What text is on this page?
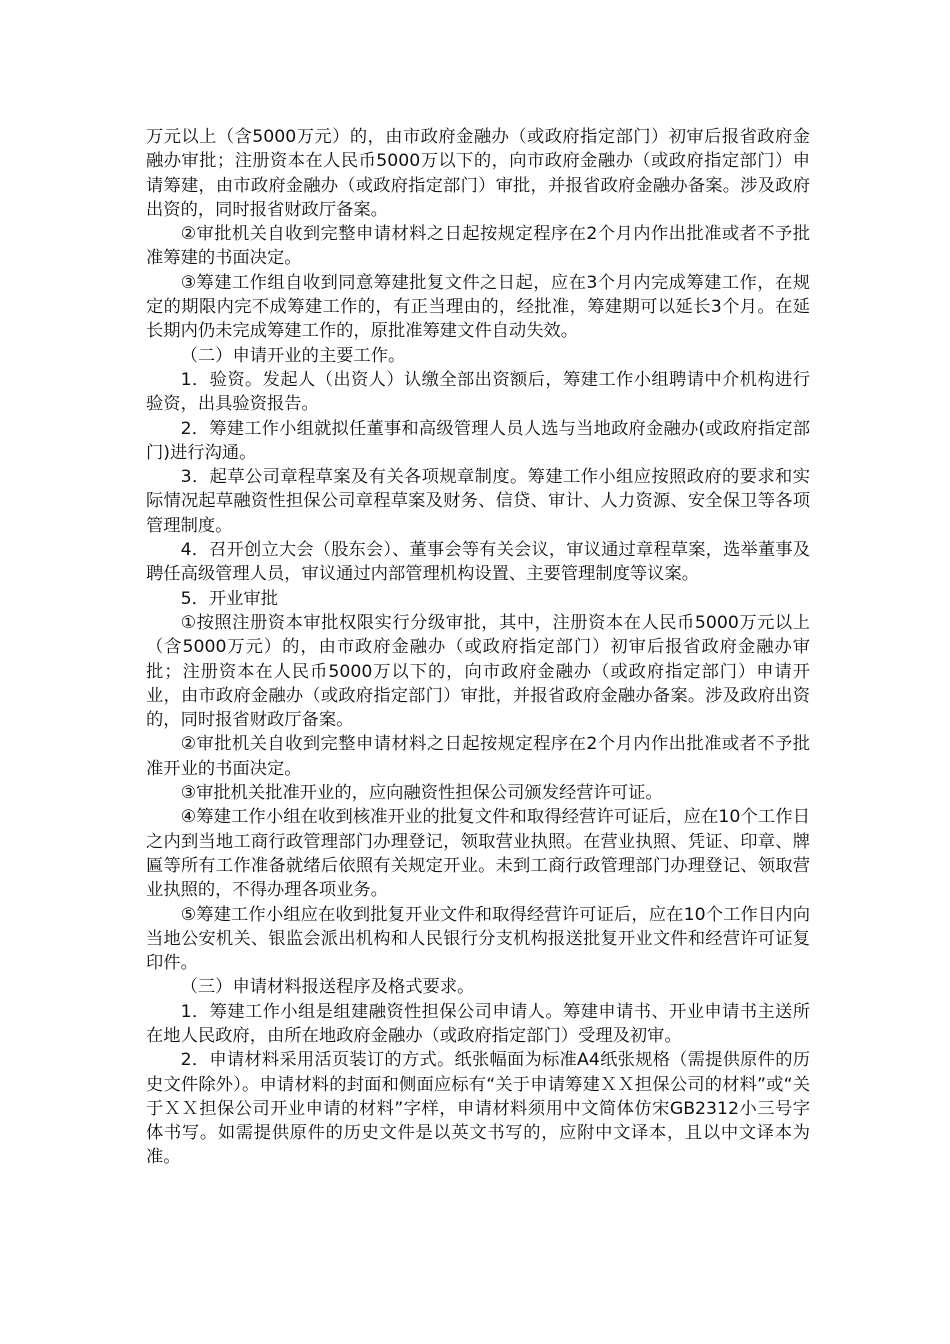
万元以上（含5000万元）的，由市政府金融办（或政府指定部门）初审后报省政府金融办审批；注册资本在人民币5000万以下的，向市政府金融办（或政府指定部门）申请筹建，由市政府金融办（或政府指定部门）审批，并报省政府金融办备案。涉及政府出资的，同时报省财政厅备案。

②审批机关自收到完整申请材料之日起按规定程序在2个月内作出批准或者不予批准筹建的书面决定。

③筹建工作组自收到同意筹建批复文件之日起，应在3个月内完成筹建工作，在规定的期限内完不成筹建工作的，有正当理由的，经批准，筹建期可以延长3个月。在延长期内仍未完成筹建工作的，原批准筹建文件自动失效。

（二）申请开业的主要工作。

1．验资。发起人（出资人）认缴全部出资额后，筹建工作小组聘请中介机构进行验资，出具验资报告。

2．筹建工作小组就拟任董事和高级管理人员人选与当地政府金融办(或政府指定部门)进行沟通。

3．起草公司章程草案及有关各项规章制度。筹建工作小组应按照政府的要求和实际情况起草融资性担保公司章程草案及财务、信贷、审计、人力资源、安全保卫等各项管理制度。

4．召开创立大会（股东会）、董事会等有关会议，审议通过章程草案，选举董事及聘任高级管理人员，审议通过内部管理机构设置、主要管理制度等议案。

5．开业审批

①按照注册资本审批权限实行分级审批，其中，注册资本在人民币5000万元以上（含5000万元）的，由市政府金融办（或政府指定部门）初审后报省政府金融办审批；注册资本在人民币5000万以下的，向市政府金融办（或政府指定部门）申请开业，由市政府金融办（或政府指定部门）审批，并报省政府金融办备案。涉及政府出资的，同时报省财政厅备案。

②审批机关自收到完整申请材料之日起按规定程序在2个月内作出批准或者不予批准开业的书面决定。

③审批机关批准开业的，应向融资性担保公司颁发经营许可证。

④筹建工作小组在收到核准开业的批复文件和取得经营许可证后，应在10个工作日之内到当地工商行政管理部门办理登记，领取营业执照。在营业执照、凭证、印章、牌匾等所有工作准备就绪后依照有关规定开业。未到工商行政管理部门办理登记、领取营业执照的，不得办理各项业务。

⑤筹建工作小组应在收到批复开业文件和取得经营许可证后，应在10个工作日内向当地公安机关、银监会派出机构和人民银行分支机构报送批复开业文件和经营许可证复印件。

（三）申请材料报送程序及格式要求。

1．筹建工作小组是组建融资性担保公司申请人。筹建申请书、开业申请书主送所在地人民政府，由所在地政府金融办（或政府指定部门）受理及初审。

2．申请材料采用活页装订的方式。纸张幅面为标准A4纸张规格（需提供原件的历史文件除外）。申请材料的封面和侧面应标有“关于申请筹建ＸＸ担保公司的材料”或“关于ＸＸ担保公司开业申请的材料”字样，申请材料须用中文简体仿宋GB2312小三号字体书写。如需提供原件的历史文件是以英文书写的，应附中文译本，且以中文译本为准。
